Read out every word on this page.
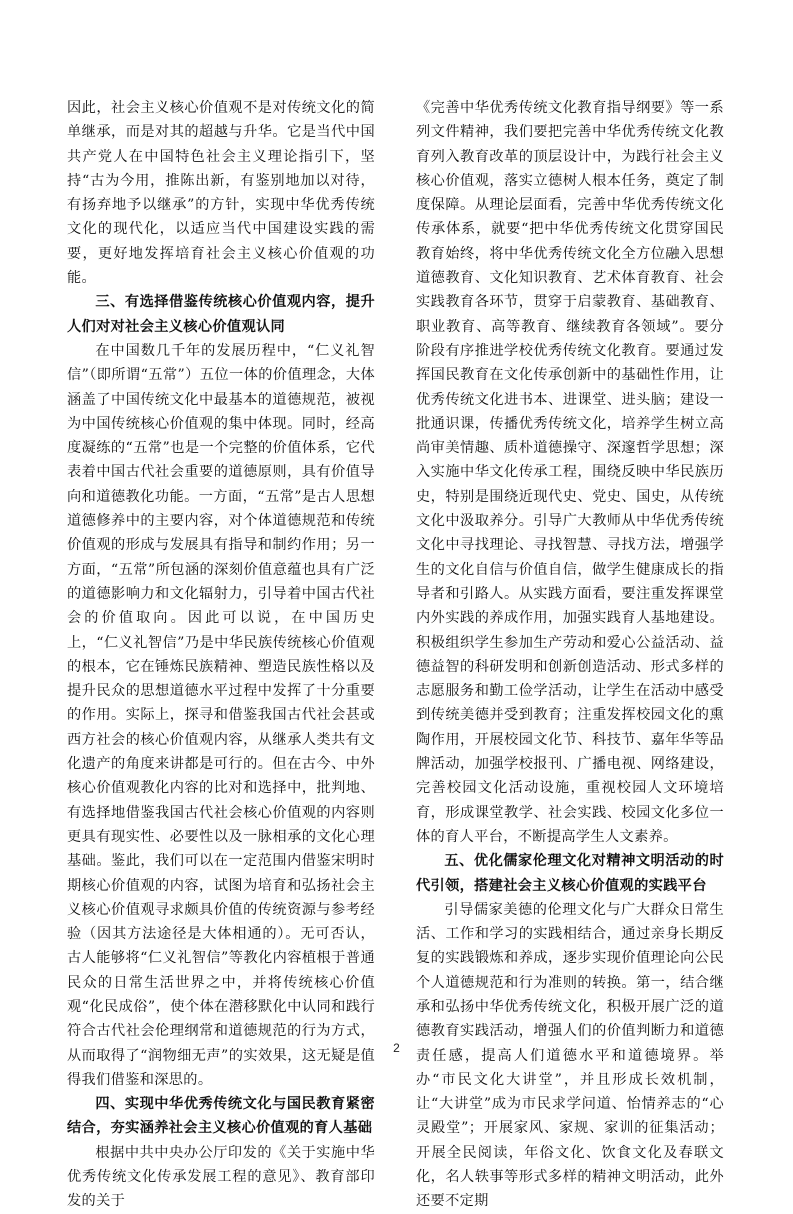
因此，社会主义核心价值观不是对传统文化的简单继承，而是对其的超越与升华。它是当代中国共产党人在中国特色社会主义理论指引下，坚持“古为今用，推陈出新，有鉴别地加以对待，有扬弃地予以继承”的方针，实现中华优秀传统文化的现代化，以适应当代中国建设实践的需要，更好地发挥培育社会主义核心价值观的功能。

三、有选择借鉴传统核心价值观内容，提升人们对对社会主义核心价值观认同

在中国数几千年的发展历程中，“仁义礼智信”（即所谓“五常”）五位一体的价值理念，大体涵盖了中国传统文化中最基本的道德规范，被视为中国传统核心价值观的集中体现。同时，经高度凝练的“五常”也是一个完整的价值体系，它代表着中国古代社会重要的道德原则，具有价值导向和道德教化功能。一方面，“五常”是古人思想道德修养中的主要内容，对个体道德规范和传统价值观的形成与发展具有指导和制约作用；另一方面，“五常”所包涵的深刻价值意蕴也具有广泛的道德影响力和文化辐射力，引导着中国古代社会的价值取向。因此可以说，在中国历史上，“仁义礼智信”乃是中华民族传统核心价值观的根本，它在锤炼民族精神、塑造民族性格以及提升民众的思想道德水平过程中发挥了十分重要的作用。实际上，探寻和借鉴我国古代社会甚或西方社会的核心价值观内容，从继承人类共有文化遗产的角度来讲都是可行的。但在古今、中外核心价值观教化内容的比对和选择中，批判地、有选择地借鉴我国古代社会核心价值观的内容则更具有现实性、必要性以及一脉相承的文化心理基础。鉴此，我们可以在一定范围内借鉴宋明时期核心价值观的内容，试图为培育和弘扬社会主义核心价值观寻求颇具价值的传统资源与参考经验（因其方法途径是大体相通的）。无可否认，古人能够将“仁义礼智信”等教化内容植根于普通民众的日常生活世界之中，并将传统核心价值观“化民成俗”，使个体在潜移默化中认同和践行符合古代社会伦理纲常和道德规范的行为方式，从而取得了“润物细无声”的实效果，这无疑是值得我们借鉴和深思的。

四、实现中华优秀传统文化与国民教育紧密结合，夯实涵养社会主义核心价值观的育人基础

根据中共中央办公厅印发的《关于实施中华优秀传统文化传承发展工程的意见》、教育部印发的关于

《完善中华优秀传统文化教育指导纲要》等一系列文件精神，我们要把完善中华优秀传统文化教育列入教育改革的顶层设计中，为践行社会主义核心价值观，落实立德树人根本任务，奠定了制度保障。从理论层面看，完善中华优秀传统文化传承体系，就要“把中华优秀传统文化贯穿国民教育始终，将中华优秀传统文化全方位融入思想道德教育、文化知识教育、艺术体育教育、社会实践教育各环节，贯穿于启蒙教育、基础教育、职业教育、高等教育、继续教育各领域”。要分阶段有序推进学校优秀传统文化教育。要通过发挥国民教育在文化传承创新中的基础性作用，让优秀传统文化进书本、进课堂、进头脑；建设一批通识课，传播优秀传统文化，培养学生树立高尚审美情趣、质朴道德操守、深邃哲学思想；深入实施中华文化传承工程，围绕反映中华民族历史，特别是围绕近现代史、党史、国史，从传统文化中汲取养分。引导广大教师从中华优秀传统文化中寻找理论、寻找智慧、寻找方法，增强学生的文化自信与价值自信，做学生健康成长的指导者和引路人。从实践方面看，要注重发挥课堂内外实践的养成作用，加强实践育人基地建设。积极组织学生参加生产劳动和爱心公益活动、益德益智的科研发明和创新创造活动、形式多样的志愿服务和勤工俭学活动，让学生在活动中感受到传统美德并受到教育；注重发挥校园文化的熏陶作用，开展校园文化节、科技节、嘉年华等品牌活动，加强学校报刊、广播电视、网络建设，完善校园文化活动设施，重视校园人文环境培育，形成课堂教学、社会实践、校园文化多位一体的育人平台，不断提高学生人文素养。

五、优化儒家伦理文化对精神文明活动的时代引领，搭建社会主义核心价值观的实践平台

引导儒家美德的伦理文化与广大群众日常生活、工作和学习的实践相结合，通过亲身长期反复的实践锻炼和养成，逐步实现价值理论向公民个人道德规范和行为准则的转换。第一，结合继承和弘扬中华优秀传统文化，积极开展广泛的道德教育实践活动，增强人们的价值判断力和道德责任感，提高人们道德水平和道德境界。举办“市民文化大讲堂”，并且形成长效机制，让“大讲堂”成为市民求学问道、怡情养志的“心灵殿堂”；开展家风、家规、家训的征集活动；开展全民阅读，年俗文化、饮食文化及春联文化，名人轶事等形式多样的精神文明活动，此外还要不定期

2
